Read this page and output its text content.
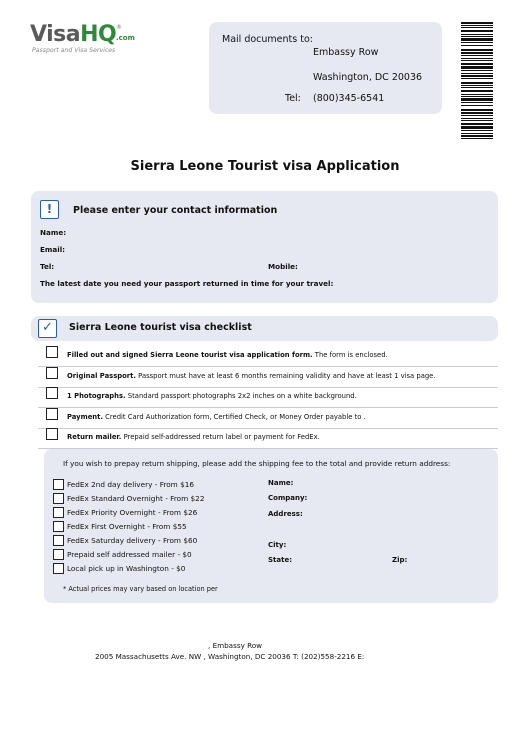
VisaHQ ®
.com
Passport and Visa Services
Mail documents to:
Embassy Row
Washington, DC 20036
Tel: (800)345-6541
Sierra Leone Tourist visa Application
!	Please enter your contact information
Name:
Email:
Tel:	Mobile:
The latest date you need your passport returned in time for your travel:
✓	Sierra Leone tourist visa checklist
Filled out and signed Sierra Leone tourist visa application form. The form is enclosed.
Original Passport. Passport must have at least 6 months remaining validity and have at least 1 visa page.
1 Photographs. Standard passport photographs 2x2 inches on a white background.
Payment. Credit Card Authorization form, Certified Check, or Money Order payable to .
Return mailer. Prepaid self-addressed return label or payment for FedEx.
If you wish to prepay return shipping, please add the shipping fee to the total and provide return address:
FedEx 2nd day delivery - From $16
FedEx Standard Overnight - From $22
FedEx Priority Overnight - From $26
FedEx First Overnight - From $55
FedEx Saturday delivery - From $60
Prepaid self addressed mailer - $0
Local pick up in Washington - $0
Name:
Company:
Address:
City:
State:	Zip:
* Actual prices may vary based on location per
, Embassy Row
2005 Massachusetts Ave. NW , Washington, DC 20036 T: (202)558-2216 E:
